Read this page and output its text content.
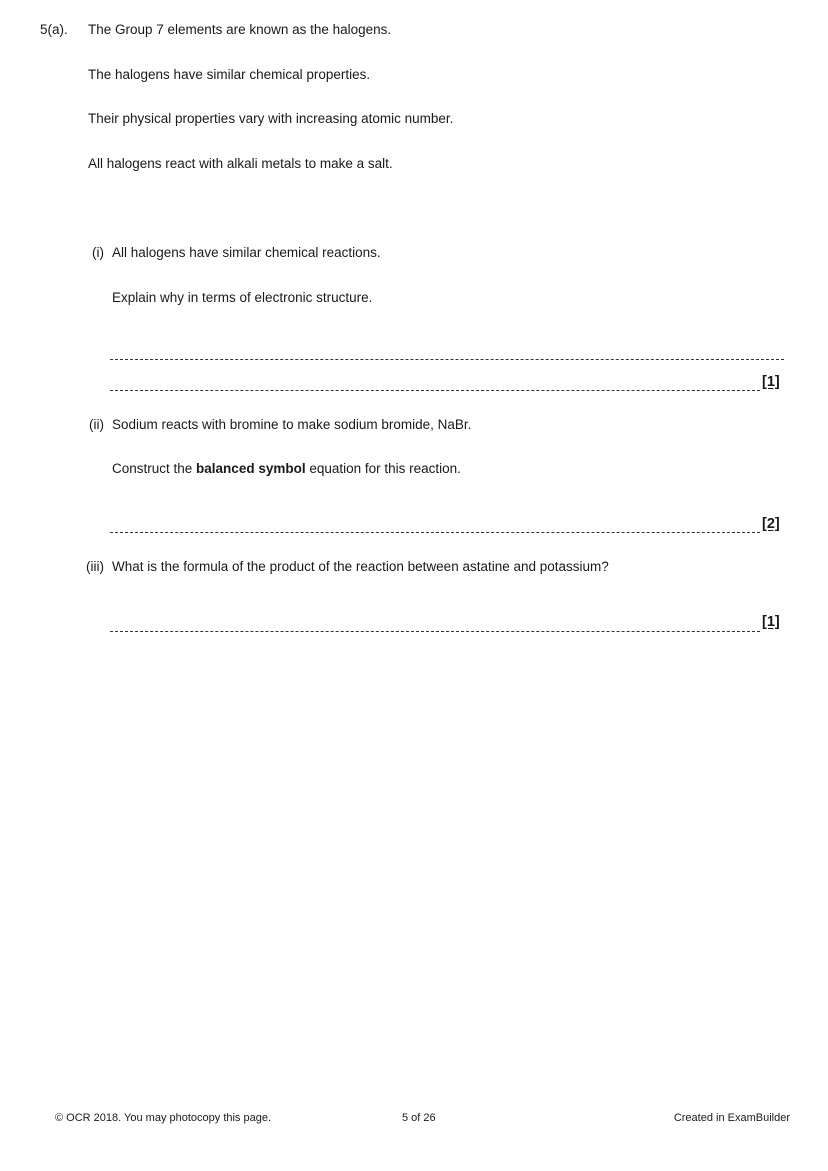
5(a). The Group 7 elements are known as the halogens.
The halogens have similar chemical properties.
Their physical properties vary with increasing atomic number.
All halogens react with alkali metals to make a salt.
(i) All halogens have similar chemical reactions.
Explain why in terms of electronic structure.
[1]
(ii) Sodium reacts with bromine to make sodium bromide, NaBr.
Construct the balanced symbol equation for this reaction.
[2]
(iii) What is the formula of the product of the reaction between astatine and potassium?
[1]
© OCR 2018. You may photocopy this page.	5 of 26	Created in ExamBuilder
